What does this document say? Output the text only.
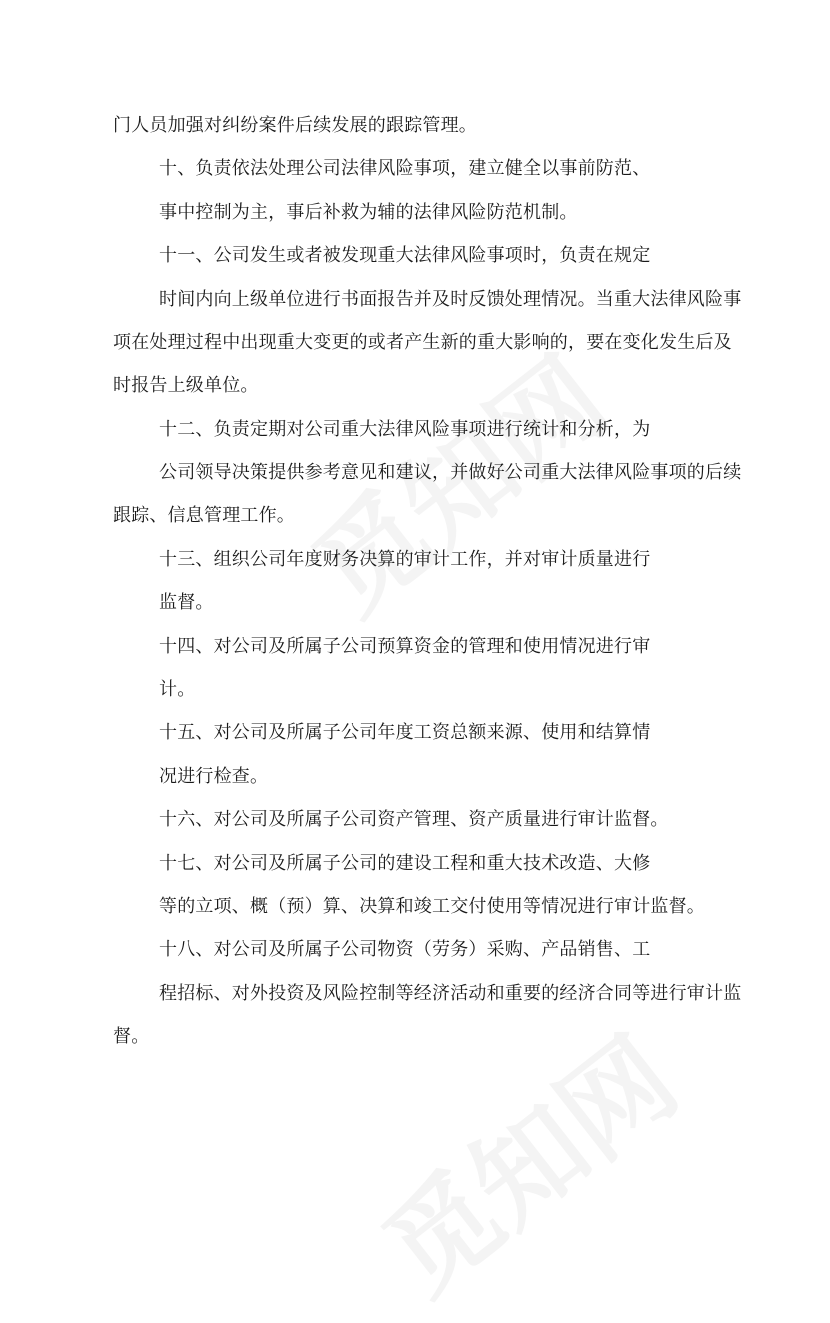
门人员加强对纠纷案件后续发展的跟踪管理。
十、负责依法处理公司法律风险事项，建立健全以事前防范、
事中控制为主，事后补救为辅的法律风险防范机制。
十一、公司发生或者被发现重大法律风险事项时，负责在规定
时间内向上级单位进行书面报告并及时反馈处理情况。当重大法律风险事
项在处理过程中出现重大变更的或者产生新的重大影响的，要在变化发生后及
时报告上级单位。
十二、负责定期对公司重大法律风险事项进行统计和分析，为
公司领导决策提供参考意见和建议，并做好公司重大法律风险事项的后续
跟踪、信息管理工作。
十三、组织公司年度财务决算的审计工作，并对审计质量进行
监督。
十四、对公司及所属子公司预算资金的管理和使用情况进行审
计。
十五、对公司及所属子公司年度工资总额来源、使用和结算情
况进行检查。
十六、对公司及所属子公司资产管理、资产质量进行审计监督。
十七、对公司及所属子公司的建设工程和重大技术改造、大修
等的立项、概（预）算、决算和竣工交付使用等情况进行审计监督。
十八、对公司及所属子公司物资（劳务）采购、产品销售、工
程招标、对外投资及风险控制等经济活动和重要的经济合同等进行审计监
督。
